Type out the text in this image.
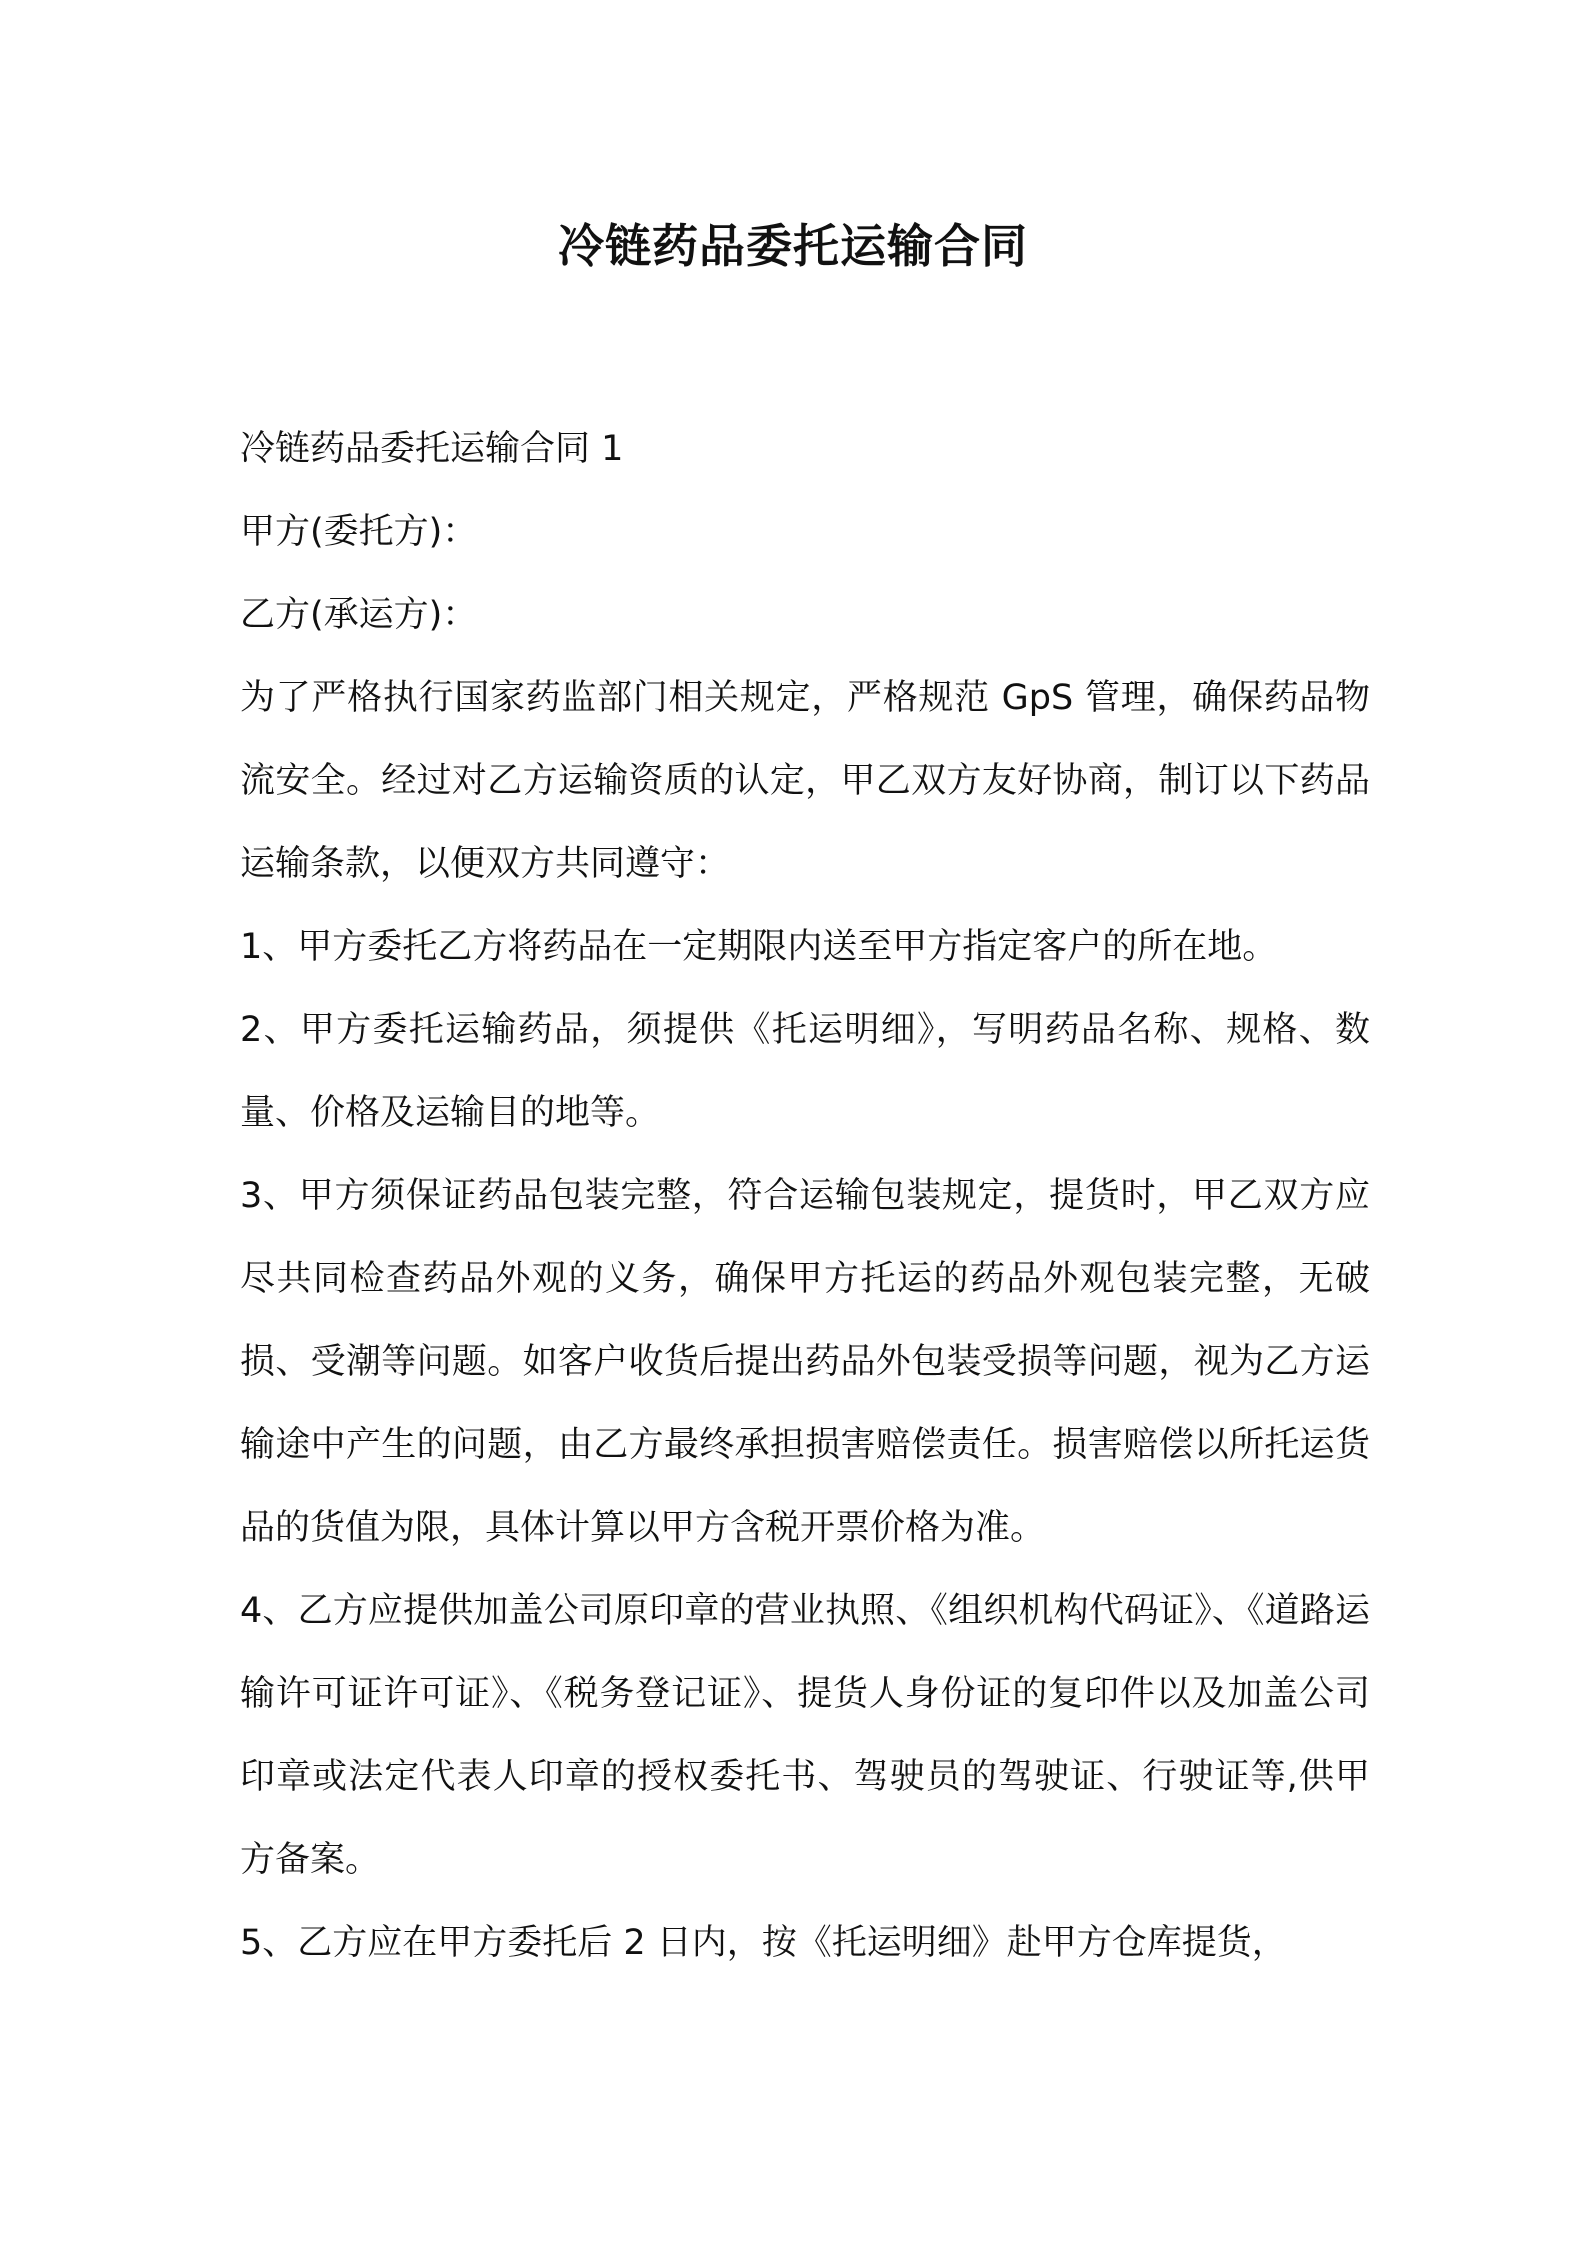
冷链药品委托运输合同

冷链药品委托运输合同 1

甲方(委托方)：

乙方(承运方)：

为了严格执行国家药监部门相关规定，严格规范 GpS 管理，确保药品物流安全。经过对乙方运输资质的认定，甲乙双方友好协商，制订以下药品运输条款，以便双方共同遵守：

1、甲方委托乙方将药品在一定期限内送至甲方指定客户的所在地。

2、甲方委托运输药品，须提供《托运明细》，写明药品名称、规格、数量、价格及运输目的地等。

3、甲方须保证药品包装完整，符合运输包装规定，提货时，甲乙双方应尽共同检查药品外观的义务，确保甲方托运的药品外观包装完整，无破损、受潮等问题。如客户收货后提出药品外包装受损等问题，视为乙方运输途中产生的问题，由乙方最终承担损害赔偿责任。损害赔偿以所托运货品的货值为限，具体计算以甲方含税开票价格为准。

4、乙方应提供加盖公司原印章的营业执照、《组织机构代码证》、《道路运输许可证许可证》、《税务登记证》、提货人身份证的复印件以及加盖公司印章或法定代表人印章的授权委托书、驾驶员的驾驶证、行驶证等,供甲方备案。

5、乙方应在甲方委托后 2 日内，按《托运明细》赴甲方仓库提货，
